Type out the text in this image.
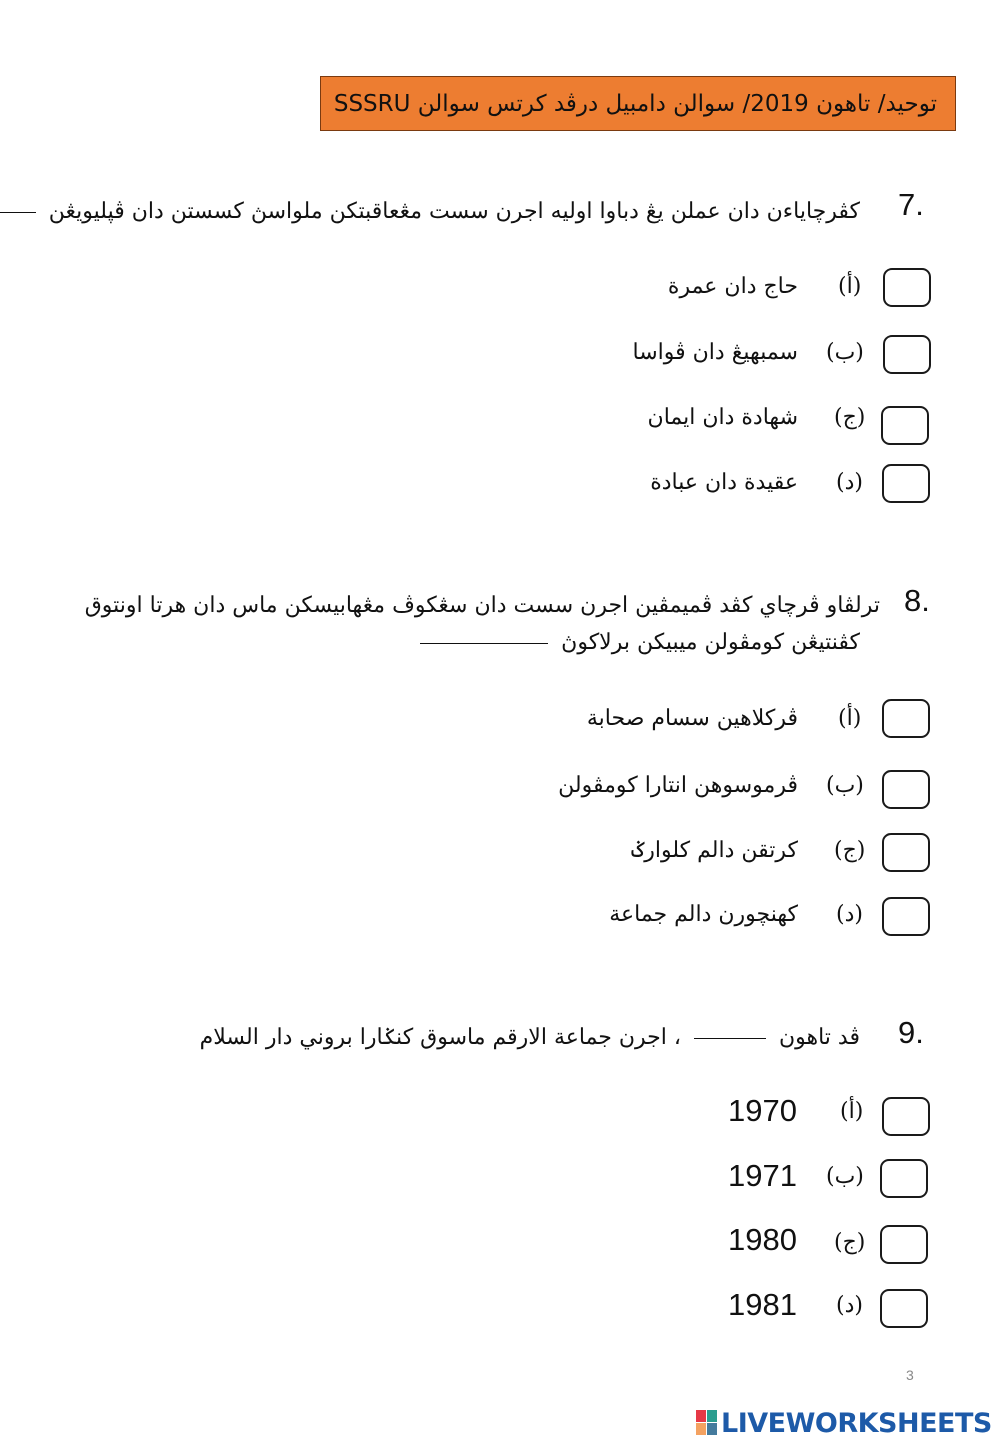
توحيد/ تاهون 2019/ سوالن دامبيل درڤد كرتس سوالن SSSRU
7.
كڤرچاياءن دان عملن يڠ دباوا اوليه اجرن سست مڠعاقبتكن ملواسڽ كسستن دان ڤپليويڠن
(أ)
حاج دان عمرة
(ب)
سمبهيڠ دان ڤواسا
(ج)
شهادة دان ايمان
(د)
عقيدة دان عبادة
8.
ترلڤاو ڤرچاي كڤد ڤميمڤين اجرن سست دان سڠكوڤ مڠهابيسكن ماس دان هرتا اونتوق
كڤنتيڠن كومڤولن ميبيكن برلاكوڽ
(أ)
ڤركلاهين سسام صحابة
(ب)
ڤرموسوهن انتارا كومڤولن
(ج)
كرتقن دالم كلوارݢ
(د)
كهنچورن دالم جماعة
9.
ڤد تاهون  ، اجرن جماعة الارقم ماسوق كنݢارا بروني دار السلام
(أ)
1970
(ب)
1971
(ج)
1980
(د)
1981
3
LIVEWORKSHEETS
